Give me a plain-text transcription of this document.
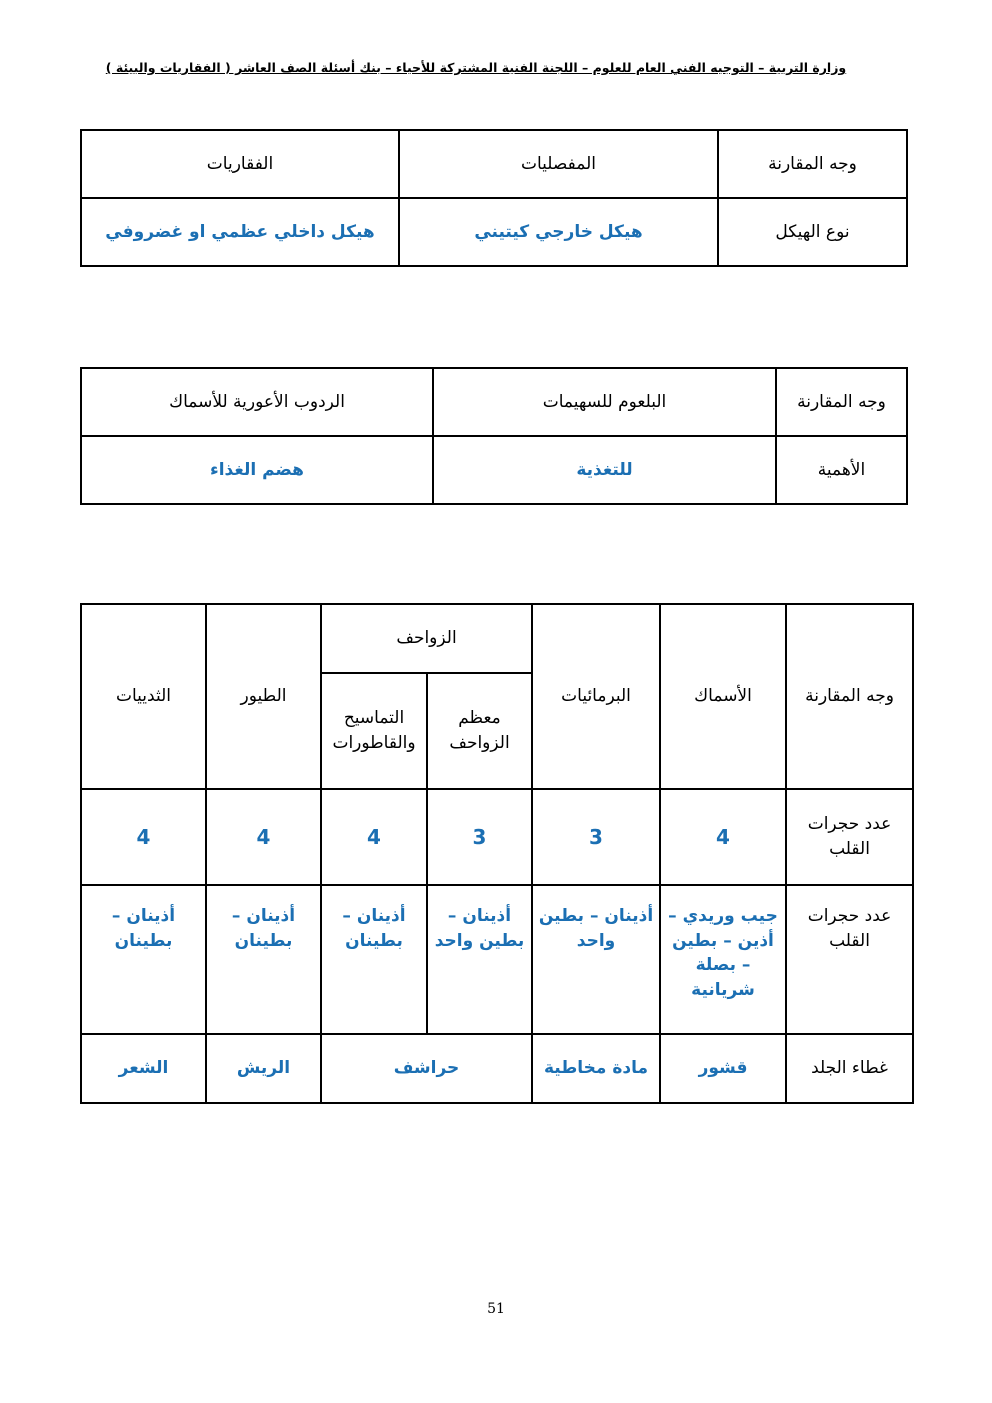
وزارة التربية – التوجيه الفني العام للعلوم – اللجنة الفنية المشتركة للأحياء – بنك أسئلة الصف العاشر ( الفقاريات والبيئة )
وجه المقارنة	المفصليات	الفقاريات
نوع الهيكل	هيكل خارجي كيتيني	هيكل داخلي عظمي او غضروفي
وجه المقارنة	البلعوم للسهيمات	الردوب الأعورية للأسماك
الأهمية	للتغذية	هضم الغذاء
وجه المقارنة	الأسماك	البرمائيات	الزواحف		الطيور	الثدييات
			معظم الزواحف	التماسيح والقاطورات		
عدد حجرات القلب	4	3	3	4	4	4
عدد حجرات القلب	جيب وريدي – أذين – بطين – بصلة شريانية	أذينان – بطين واحد	أذينان – بطين واحد	أذينان – بطينان	أذينان – بطينان	أذينان – بطينان
غطاء الجلد	قشور	مادة مخاطية	حراشف		الريش	الشعر
51
